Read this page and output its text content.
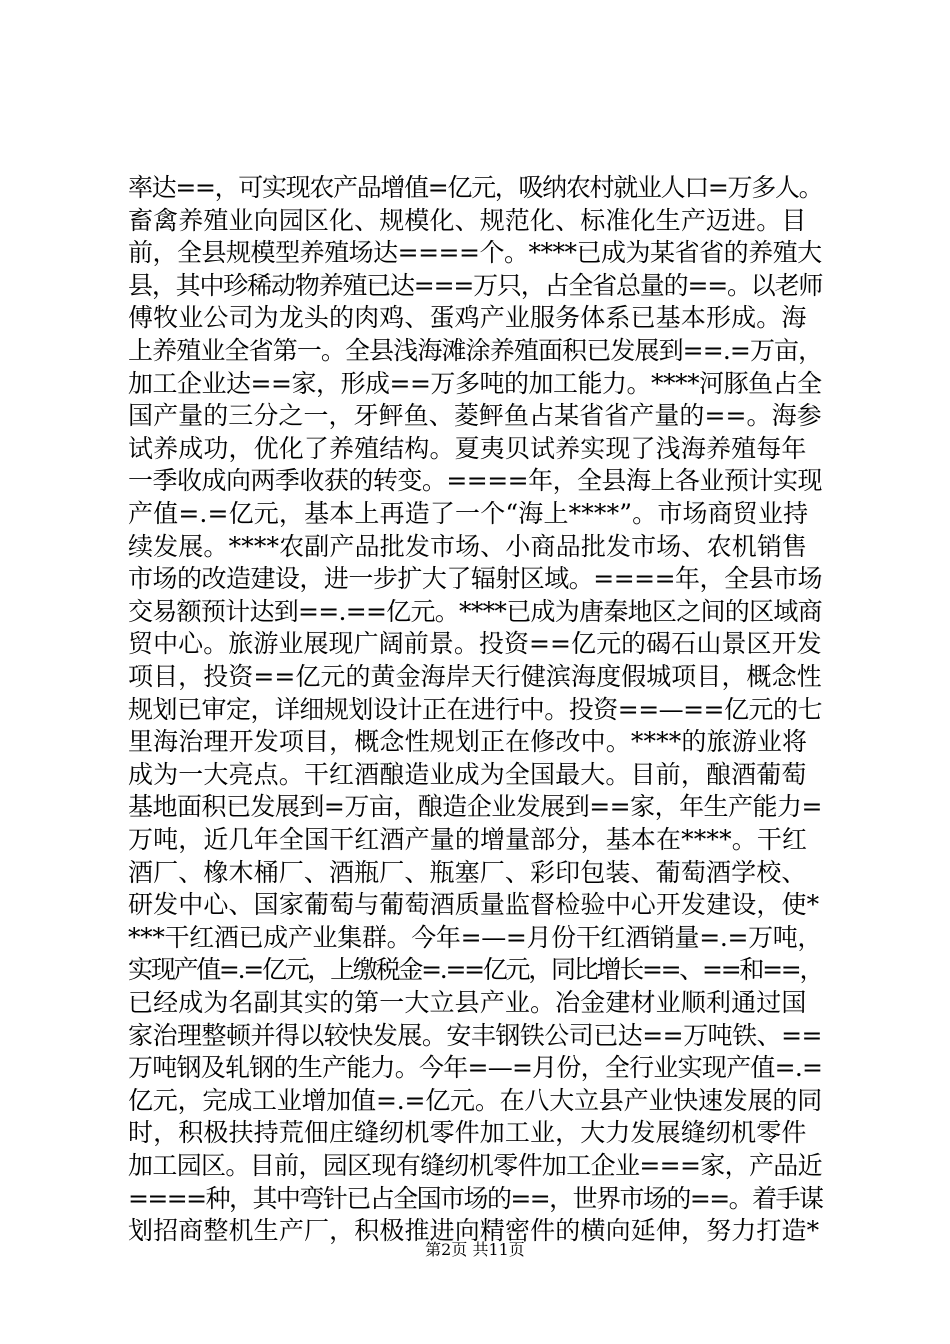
率达==，可实现农产品增值=亿元，吸纳农村就业人口=万多人。
畜禽养殖业向园区化、规模化、规范化、标准化生产迈进。目
前，全县规模型养殖场达====个。****已成为某省省的养殖大
县，其中珍稀动物养殖已达===万只，占全省总量的==。以老师
傅牧业公司为龙头的肉鸡、蛋鸡产业服务体系已基本形成。海
上养殖业全省第一。全县浅海滩涂养殖面积已发展到==.=万亩，
加工企业达==家，形成==万多吨的加工能力。****河豚鱼占全
国产量的三分之一，牙鲆鱼、菱鲆鱼占某省省产量的==。海参
试养成功，优化了养殖结构。夏夷贝试养实现了浅海养殖每年
一季收成向两季收获的转变。====年，全县海上各业预计实现
产值=.=亿元，基本上再造了一个“海上****”。市场商贸业持
续发展。****农副产品批发市场、小商品批发市场、农机销售
市场的改造建设，进一步扩大了辐射区域。====年，全县市场
交易额预计达到==.==亿元。****已成为唐秦地区之间的区域商
贸中心。旅游业展现广阔前景。投资==亿元的碣石山景区开发
项目，投资==亿元的黄金海岸天行健滨海度假城项目，概念性
规划已审定，详细规划设计正在进行中。投资==—==亿元的七
里海治理开发项目，概念性规划正在修改中。****的旅游业将
成为一大亮点。干红酒酿造业成为全国最大。目前，酿酒葡萄
基地面积已发展到=万亩，酿造企业发展到==家，年生产能力=
万吨，近几年全国干红酒产量的增量部分，基本在****。干红
酒厂、橡木桶厂、酒瓶厂、瓶塞厂、彩印包装、葡萄酒学校、
研发中心、国家葡萄与葡萄酒质量监督检验中心开发建设，使*
***干红酒已成产业集群。今年=—=月份干红酒销量=.=万吨，
实现产值=.=亿元，上缴税金=.==亿元，同比增长==、==和==，
已经成为名副其实的第一大立县产业。冶金建材业顺利通过国
家治理整顿并得以较快发展。安丰钢铁公司已达==万吨铁、==
万吨钢及轧钢的生产能力。今年=—=月份，全行业实现产值=.=
亿元，完成工业增加值=.=亿元。在八大立县产业快速发展的同
时，积极扶持荒佃庄缝纫机零件加工业，大力发展缝纫机零件
加工园区。目前，园区现有缝纫机零件加工企业===家，产品近
====种，其中弯针已占全国市场的==，世界市场的==。着手谋
划招商整机生产厂，积极推进向精密件的横向延伸，努力打造*
第2页 共11页
